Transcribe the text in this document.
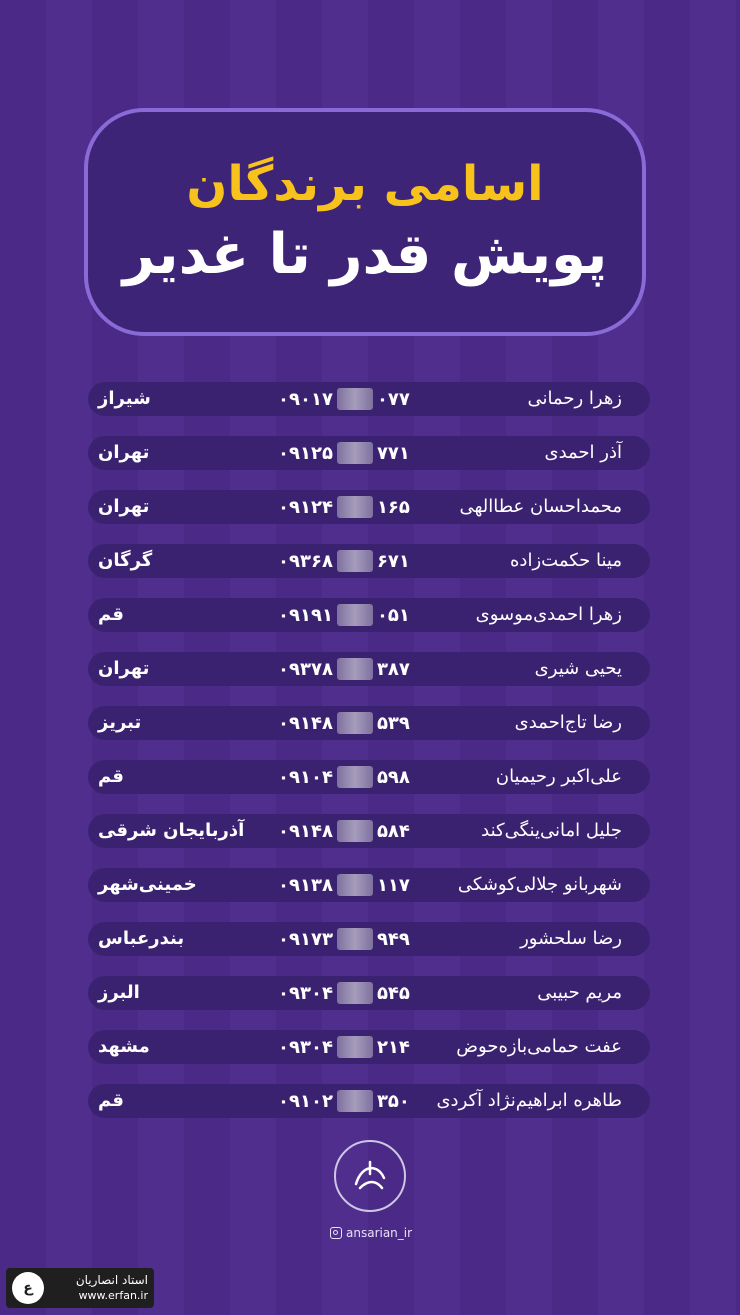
اسامی برندگان
پویش قدر تا غدیر
زهرا رحمانی
۰۹۰۱۷ ۰۷۷
شیراز
آذر احمدی
۰۹۱۲۵ ۷۷۱
تهران
محمداحسان عطاالهی
۰۹۱۲۴ ۱۶۵
تهران
مینا حکمت‌زاده
۰۹۳۶۸ ۶۷۱
گرگان
زهرا احمدی‌موسوی
۰۹۱۹۱ ۰۵۱
قم
یحیی شیری
۰۹۳۷۸ ۳۸۷
تهران
رضا تاج‌احمدی
۰۹۱۴۸ ۵۳۹
تبریز
علی‌اکبر رحیمیان
۰۹۱۰۴ ۵۹۸
قم
جلیل امانی‌ینگی‌کند
۰۹۱۴۸ ۵۸۴
آذربایجان شرقی
شهربانو جلالی‌کوشکی
۰۹۱۳۸ ۱۱۷
خمینی‌شهر
رضا سلحشور
۰۹۱۷۳ ۹۴۹
بندرعباس
مریم حبیبی
۰۹۳۰۴ ۵۴۵
البرز
عفت حمامی‌بازه‌حوض
۰۹۳۰۴ ۲۱۴
مشهد
طاهره ابراهیم‌نژاد آکردی
۰۹۱۰۲ ۳۵۰
قم
ansarian_ir
ع	استاد انصاریان
www.erfan.ir
